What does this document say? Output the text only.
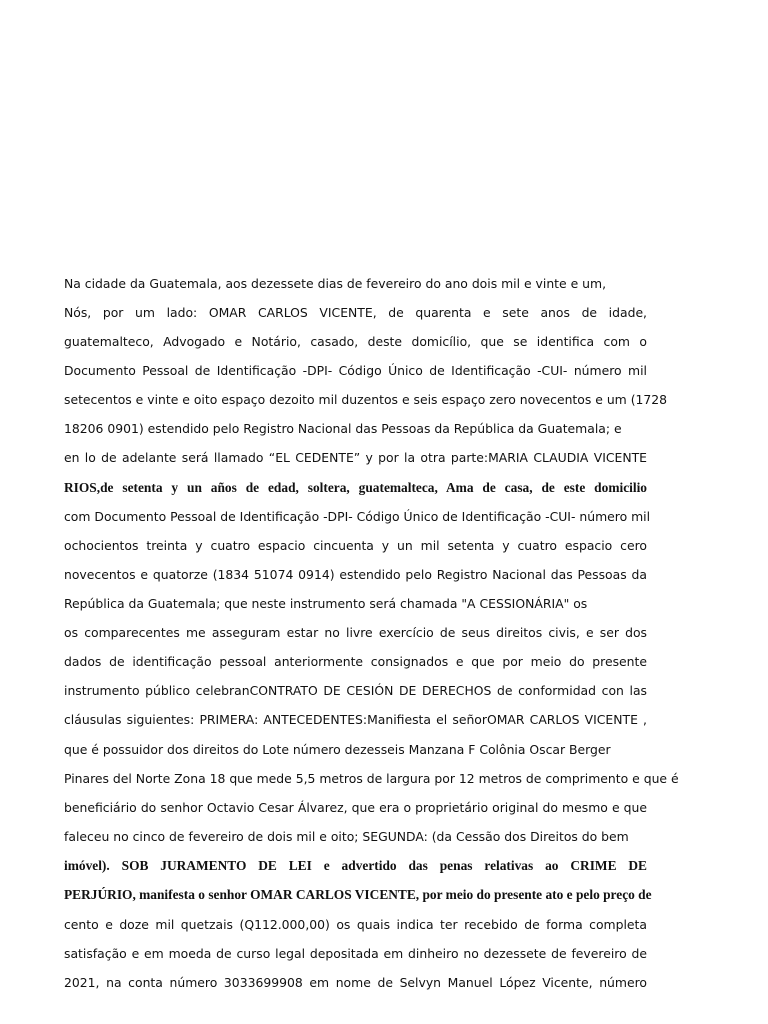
Na cidade da Guatemala, aos dezessete dias de fevereiro do ano dois mil e vinte e um,
Nós, por um lado: OMAR CARLOS VICENTE, de quarenta e sete anos de idade,
guatemalteco, Advogado e Notário, casado, deste domicílio, que se identifica com o
Documento Pessoal de Identificação -DPI- Código Único de Identificação -CUI- número mil
setecentos e vinte e oito espaço dezoito mil duzentos e seis espaço zero novecentos e um (1728
18206 0901) estendido pelo Registro Nacional das Pessoas da República da Guatemala; e
en lo de adelante será llamado “EL CEDENTE” y por la otra parte:MARIA CLAUDIA VICENTE
RIOS,de setenta y un años de edad, soltera, guatemalteca, Ama de casa, de este domicilio
com Documento Pessoal de Identificação -DPI- Código Único de Identificação -CUI- número mil
ochocientos treinta y cuatro espacio cincuenta y un mil setenta y cuatro espacio cero
novecentos e quatorze (1834 51074 0914) estendido pelo Registro Nacional das Pessoas da
República da Guatemala; que neste instrumento será chamada "A CESSIONÁRIA" os
os comparecentes me asseguram estar no livre exercício de seus direitos civis, e ser dos
dados de identificação pessoal anteriormente consignados e que por meio do presente
instrumento público celebranCONTRATO DE CESIÓN DE DERECHOS de conformidad con las
cláusulas siguientes: PRIMERA: ANTECEDENTES:Manifiesta el señorOMAR CARLOS VICENTE ,
que é possuidor dos direitos do Lote número dezesseis Manzana F Colônia Oscar Berger
Pinares del Norte Zona 18 que mede 5,5 metros de largura por 12 metros de comprimento e que é
beneficiário do senhor Octavio Cesar Álvarez, que era o proprietário original do mesmo e que
faleceu no cinco de fevereiro de dois mil e oito; SEGUNDA: (da Cessão dos Direitos do bem
imóvel). SOB JURAMENTO DE LEI e advertido das penas relativas ao CRIME DE
PERJÚRIO, manifesta o senhor OMAR CARLOS VICENTE, por meio do presente ato e pelo preço de
cento e doze mil quetzais (Q112.000,00) os quais indica ter recebido de forma completa
satisfação e em moeda de curso legal depositada em dinheiro no dezessete de fevereiro de
2021, na conta número 3033699908 em nome de Selvyn Manuel López Vicente, número
